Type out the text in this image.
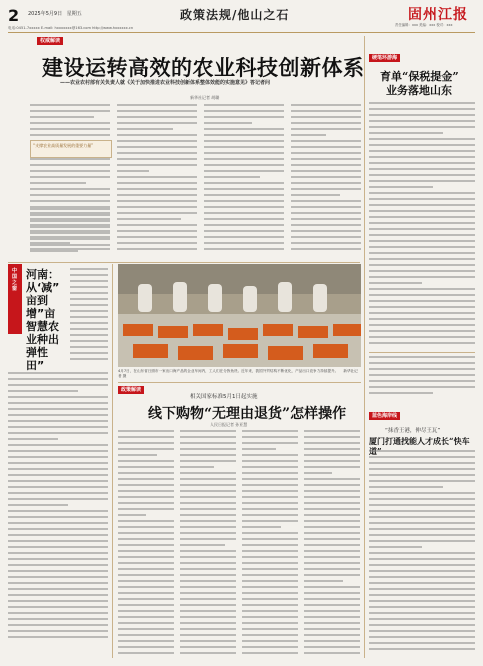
2 2025年5月9日 星期五	政策法规/他山之石	固州江报
电话:0451-7xxxxx E-mail: hxxxxxxx@163.com http://www.hxxxxxx.cn
责任编辑：xxx 美编：xxx 校对：xxx
权威解读
建设运转高效的农业科技创新体系
——农业农村部有关负责人就《关于加快推进农业科技创新体系整体效能的实施意见》答记者问
新华社记者 胡璐
“支撑农业高质量发展的重要力量”
中国之窗
河南：从‘减”
亩到增”亩
智慧农业种出
弹性田”	4月7日，在山东省日照市一家出口海产品的企业车间内，工人们在分拣鱼货。近年来，我国外贸结构不断优化，产品出口竞争力持续提升。 新华社记者 摄
政策解读
相关国家标准5月1日起实施
线下购物“无理由退货”怎样操作
人民日报记者 孙亚慧
硬笔环游海
育单“保税提金”
业务落地山东
蓝色海岸线
“抹香王港，伸尽王瓦”
厦门打通找能人才成长“快车
